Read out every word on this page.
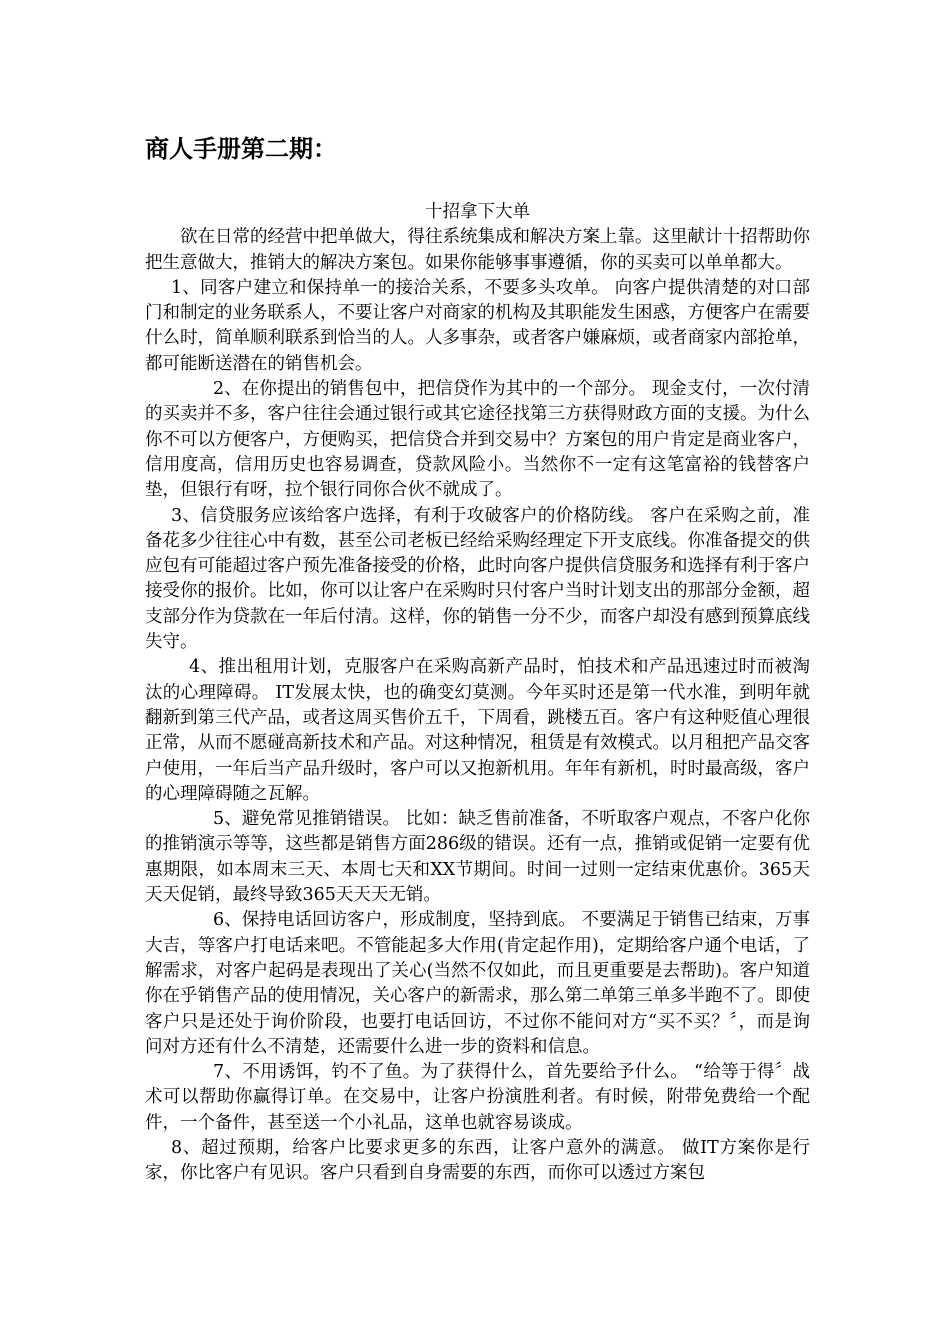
商人手册第二期：
十招拿下大单

欲在日常的经营中把单做大，得往系统集成和解决方案上靠。这里献计十招帮助你把生意做大，推销大的解决方案包。如果你能够事事遵循，你的买卖可以单单都大。

1、同客户建立和保持单一的接洽关系，不要多头攻单。 向客户提供清楚的对口部门和制定的业务联系人，不要让客户对商家的机构及其职能发生困惑，方便客户在需要什么时，简单顺利联系到恰当的人。人多事杂，或者客户嫌麻烦，或者商家内部抢单，都可能断送潜在的销售机会。

2、在你提出的销售包中，把信贷作为其中的一个部分。 现金支付，一次付清的买卖并不多，客户往往会通过银行或其它途径找第三方获得财政方面的支援。为什么你不可以方便客户，方便购买，把信贷合并到交易中？方案包的用户肯定是商业客户，信用度高，信用历史也容易调查，贷款风险小。当然你不一定有这笔富裕的钱替客户垫，但银行有呀，拉个银行同你合伙不就成了。

3、信贷服务应该给客户选择，有利于攻破客户的价格防线。 客户在采购之前，准备花多少往往心中有数，甚至公司老板已经给采购经理定下开支底线。你准备提交的供应包有可能超过客户预先准备接受的价格，此时向客户提供信贷服务和选择有利于客户接受你的报价。比如，你可以让客户在采购时只付客户当时计划支出的那部分金额，超支部分作为贷款在一年后付清。这样，你的销售一分不少，而客户却没有感到预算底线失守。

4、推出租用计划，克服客户在采购高新产品时，怕技术和产品迅速过时而被淘汰的心理障碍。 IT发展太快，也的确变幻莫测。今年买时还是第一代水准，到明年就翻新到第三代产品，或者这周买售价五千，下周看，跳楼五百。客户有这种贬值心理很正常，从而不愿碰高新技术和产品。对这种情况，租赁是有效模式。以月租把产品交客户使用，一年后当产品升级时，客户可以又抱新机用。年年有新机，时时最高级，客户的心理障碍随之瓦解。

5、避免常见推销错误。 比如：缺乏售前准备，不听取客户观点，不客户化你的推销演示等等，这些都是销售方面286级的错误。还有一点，推销或促销一定要有优惠期限，如本周末三天、本周七天和XX节期间。时间一过则一定结束优惠价。365天天天促销，最终导致365天天天无销。

6、保持电话回访客户，形成制度，坚持到底。 不要满足于销售已结束，万事大吉，等客户打电话来吧。不管能起多大作用(肯定起作用)，定期给客户通个电话，了解需求，对客户起码是表现出了关心(当然不仅如此，而且更重要是去帮助)。客户知道你在乎销售产品的使用情况，关心客户的新需求，那么第二单第三单多半跑不了。即使客户只是还处于询价阶段，也要打电话回访，不过你不能问对方“买不买？〞，而是询问对方还有什么不清楚，还需要什么进一步的资料和信息。

7、不用诱饵，钓不了鱼。为了获得什么，首先要给予什么。 “给等于得〞战术可以帮助你赢得订单。在交易中，让客户扮演胜利者。有时候，附带免费给一个配件，一个备件，甚至送一个小礼品，这单也就容易谈成。

8、超过预期，给客户比要求更多的东西，让客户意外的满意。 做IT方案你是行家，你比客户有见识。客户只看到自身需要的东西，而你可以透过方案包
